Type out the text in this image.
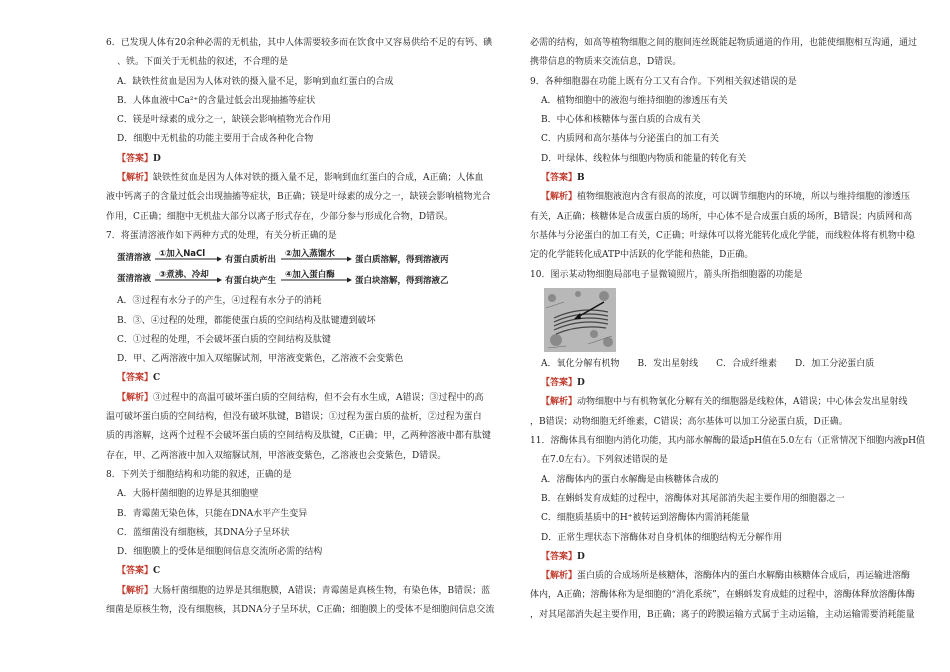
6．已发现人体有20余种必需的无机盐，其中人体需要较多而在饮食中又容易供给不足的有钙、碘

、铁。下面关于无机盐的叙述，不合理的是

A．缺铁性贫血是因为人体对铁的摄入量不足，影响到血红蛋白的合成

B．人体血液中Ca²⁺的含量过低会出现抽搐等症状

C．镁是叶绿素的成分之一，缺镁会影响植物光合作用

D．细胞中无机盐的功能主要用于合成各种化合物

【答案】D

【解析】缺铁性贫血是因为人体对铁的摄入量不足，影响到血红蛋白的合成，A正确；人体血

液中钙离子的含量过低会出现抽搐等症状，B正确；镁是叶绿素的成分之一，缺镁会影响植物光合

作用，C正确；细胞中无机盐大部分以离子形式存在，少部分参与形成化合物，D错误。

7．将蛋清溶液作如下两种方式的处理，有关分析正确的是

蛋清溶液 ①加入NaCl
有蛋白质析出
②加入蒸馏水
蛋白质溶解，得到溶液丙
蛋清溶液 ③煮沸、冷却
有蛋白块产生
④加入蛋白酶
蛋白块溶解，得到溶液乙

A．③过程有水分子的产生，④过程有水分子的消耗

B．③、④过程的处理，都能使蛋白质的空间结构及肽键遭到破坏

C．①过程的处理，不会破坏蛋白质的空间结构及肽键

D．甲、乙两溶液中加入双缩脲试剂，甲溶液变紫色，乙溶液不会变紫色

【答案】C

【解析】③过程中的高温可破坏蛋白质的空间结构，但不会有水生成，A错误；③过程中的高

温可破坏蛋白质的空间结构，但没有破坏肽键，B错误；①过程为蛋白质的盐析，②过程为蛋白

质的再溶解，这两个过程不会破坏蛋白质的空间结构及肽键，C正确；甲，乙两种溶液中都有肽键

存在，甲、乙两溶液中加入双缩脲试剂，甲溶液变紫色，乙溶液也会变紫色，D错误。

8．下列关于细胞结构和功能的叙述，正确的是

A．大肠杆菌细胞的边界是其细胞壁

B．青霉菌无染色体，只能在DNA水平产生变异

C．蓝细菌没有细胞核，其DNA分子呈环状

D．细胞膜上的受体是细胞间信息交流所必需的结构

【答案】C

【解析】大肠杆菌细胞的边界是其细胞膜，A错误；青霉菌是真核生物，有染色体，B错误；蓝

细菌是原核生物，没有细胞核，其DNA分子呈环状，C正确；细胞膜上的受体不是细胞间信息交流

必需的结构，如高等植物细胞之间的胞间连丝既能起物质通道的作用，也能使细胞相互沟通，通过

携带信息的物质来交流信息，D错误。

9．各种细胞器在功能上既有分工又有合作。下列相关叙述错误的是

A．植物细胞中的液泡与维持细胞的渗透压有关

B．中心体和核糖体与蛋白质的合成有关

C．内质网和高尔基体与分泌蛋白的加工有关

D．叶绿体、线粒体与细胞内物质和能量的转化有关

【答案】B

【解析】植物细胞液泡内含有很高的浓度，可以调节细胞内的环境，所以与维持细胞的渗透压

有关，A正确；核糖体是合成蛋白质的场所，中心体不是合成蛋白质的场所，B错误；内质网和高

尔基体与分泌蛋白的加工有关，C正确；叶绿体可以将光能转化成化学能，而线粒体将有机物中稳

定的化学能转化成ATP中活跃的化学能和热能，D正确。

10．图示某动物细胞局部电子显微镜照片，箭头所指细胞器的功能是

A．氧化分解有机物　　B．发出星射线　　C．合成纤维素　　D．加工分泌蛋白质

【答案】D

【解析】动物细胞中与有机物氧化分解有关的细胞器是线粒体，A错误；中心体会发出星射线

，B错误；动物细胞无纤维素，C错误；高尔基体可以加工分泌蛋白质，D正确。

11．溶酶体具有细胞内消化功能，其内部水解酶的最适pH值在5.0左右（正常情况下细胞内液pH值

在7.0左右）。下列叙述错误的是

A．溶酶体内的蛋白水解酶是由核糖体合成的

B．在蝌蚪发育成蛙的过程中，溶酶体对其尾部消失起主要作用的细胞器之一

C．细胞质基质中的H⁺被转运到溶酶体内需消耗能量

D．正常生理状态下溶酶体对自身机体的细胞结构无分解作用

【答案】D

【解析】蛋白质的合成场所是核糖体，溶酶体内的蛋白水解酶由核糖体合成后，再运输进溶酶

体内，A正确；溶酶体称为是细胞的“消化系统”，在蝌蚪发育成蛙的过程中，溶酶体释放溶酶体酶

，对其尾部消失起主要作用，B正确；离子的跨膜运输方式属于主动运输，主动运输需要消耗能量
